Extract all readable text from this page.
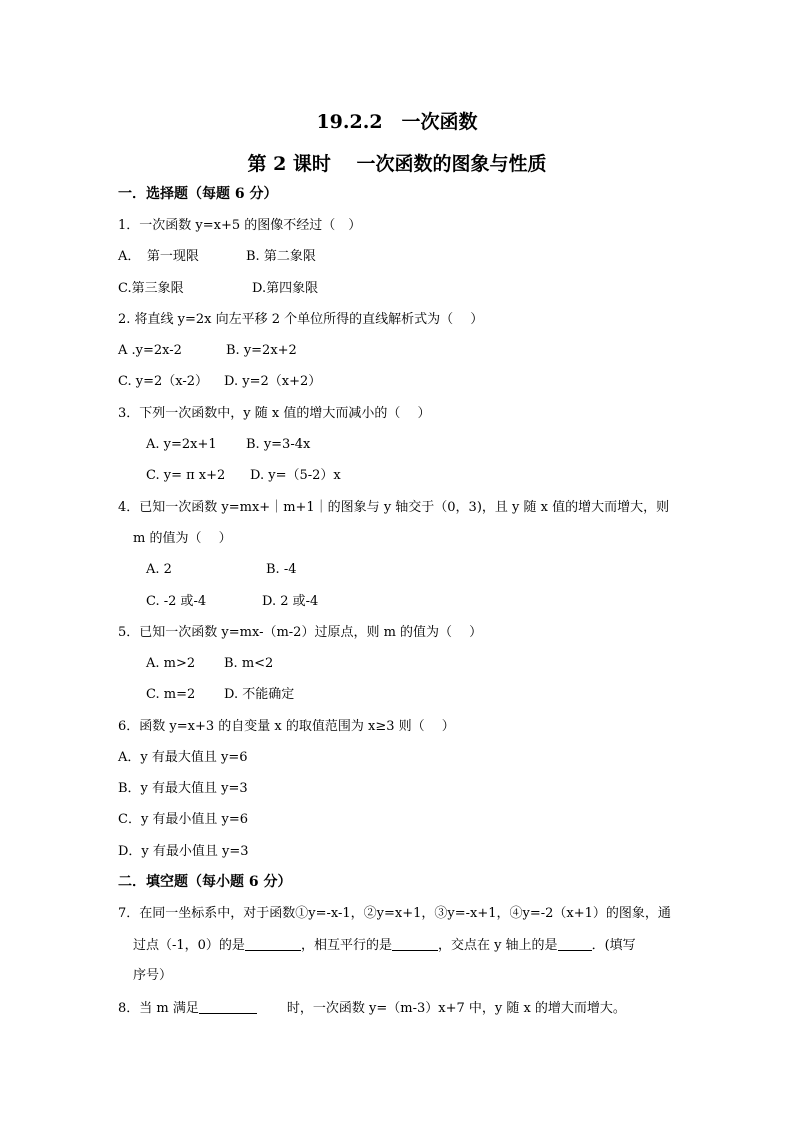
19.2.2　一次函数
第 2 课时　 一次函数的图象与性质
一．选择题（每题 6 分）
1．一次函数 y=x+5 的图像不经过（　）
A．　第一现限	B. 第二象限
C.第三象限	D.第四象限
2. 将直线 y=2x 向左平移 2 个单位所得的直线解析式为（　 ）
A .y=2x-2	B. y=2x+2
C. y=2（x-2） D. y=2（x+2）
3．下列一次函数中，y 随 x 值的增大而减小的（　 ）
A. y=2x+1 B. y=3-4x
C. y= π x+2 D. y=（5-2）x
4．已知一次函数 y=mx+｜m+1｜的图象与 y 轴交于（0，3)，且 y 随 x 值的增大而增大，则
m 的值为（　 ）
A. 2	B. -4
C. -2 或-4	D. 2 或-4
5．已知一次函数 y=mx-（m-2）过原点，则 m 的值为（　 ）
A. m>2 B. m<2
C. m=2 D. 不能确定
6．函数 y=x+3 的自变量 x 的取值范围为 x≥3 则（　 ）
A．y 有最大值且 y=6
B．y 有最大值且 y=3
C．y 有最小值且 y=6
D．y 有最小值且 y=3
二．填空题（每小题 6 分）
7．在同一坐标系中，对于函数①y=-x-1，②y=x+1，③y=-x+1，④y=-2（x+1）的图象，通
过点（-1，0）的是	，相互平行的是	，交点在 y 轴上的是	．(填写
序号）
8．当 m 满足	时，一次函数 y=（m-3）x+7 中，y 随 x 的增大而增大。
